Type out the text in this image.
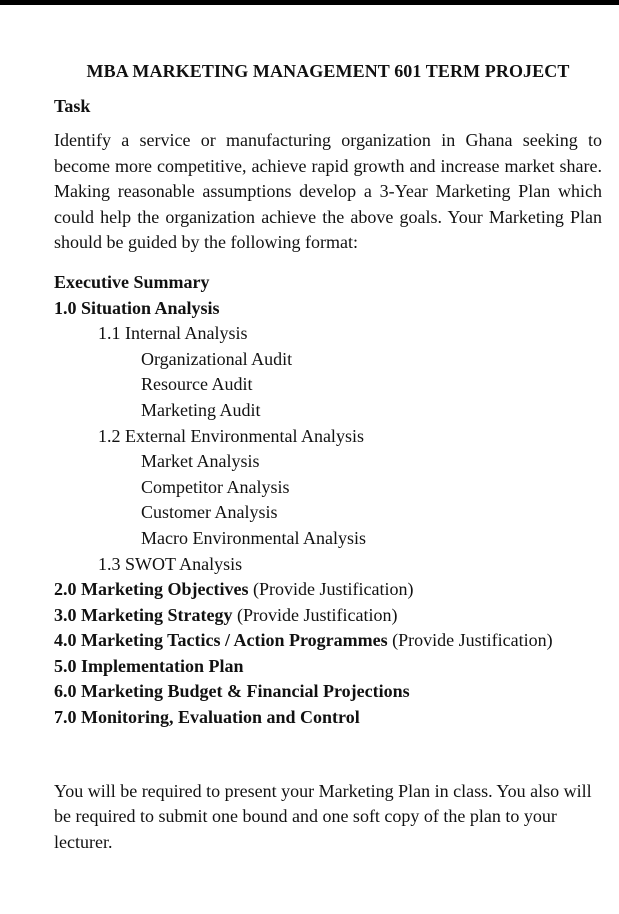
MBA MARKETING MANAGEMENT 601 TERM PROJECT
Task

Identify a service or manufacturing organization in Ghana seeking to become more competitive, achieve rapid growth and increase market share. Making reasonable assumptions develop a 3-Year Marketing Plan which could help the organization achieve the above goals. Your Marketing Plan should be guided by the following format:

Executive Summary
1.0 Situation Analysis
1.1 Internal Analysis
Organizational Audit
Resource Audit
Marketing Audit
1.2 External Environmental Analysis
Market Analysis
Competitor Analysis
Customer Analysis
Macro Environmental Analysis
1.3 SWOT Analysis
2.0 Marketing Objectives (Provide Justification)
3.0 Marketing Strategy (Provide Justification)
4.0 Marketing Tactics / Action Programmes (Provide Justification)
5.0 Implementation Plan
6.0 Marketing Budget & Financial Projections
7.0 Monitoring, Evaluation and Control

You will be required to present your Marketing Plan in class. You also will be required to submit one bound and one soft copy of the plan to your lecturer.
